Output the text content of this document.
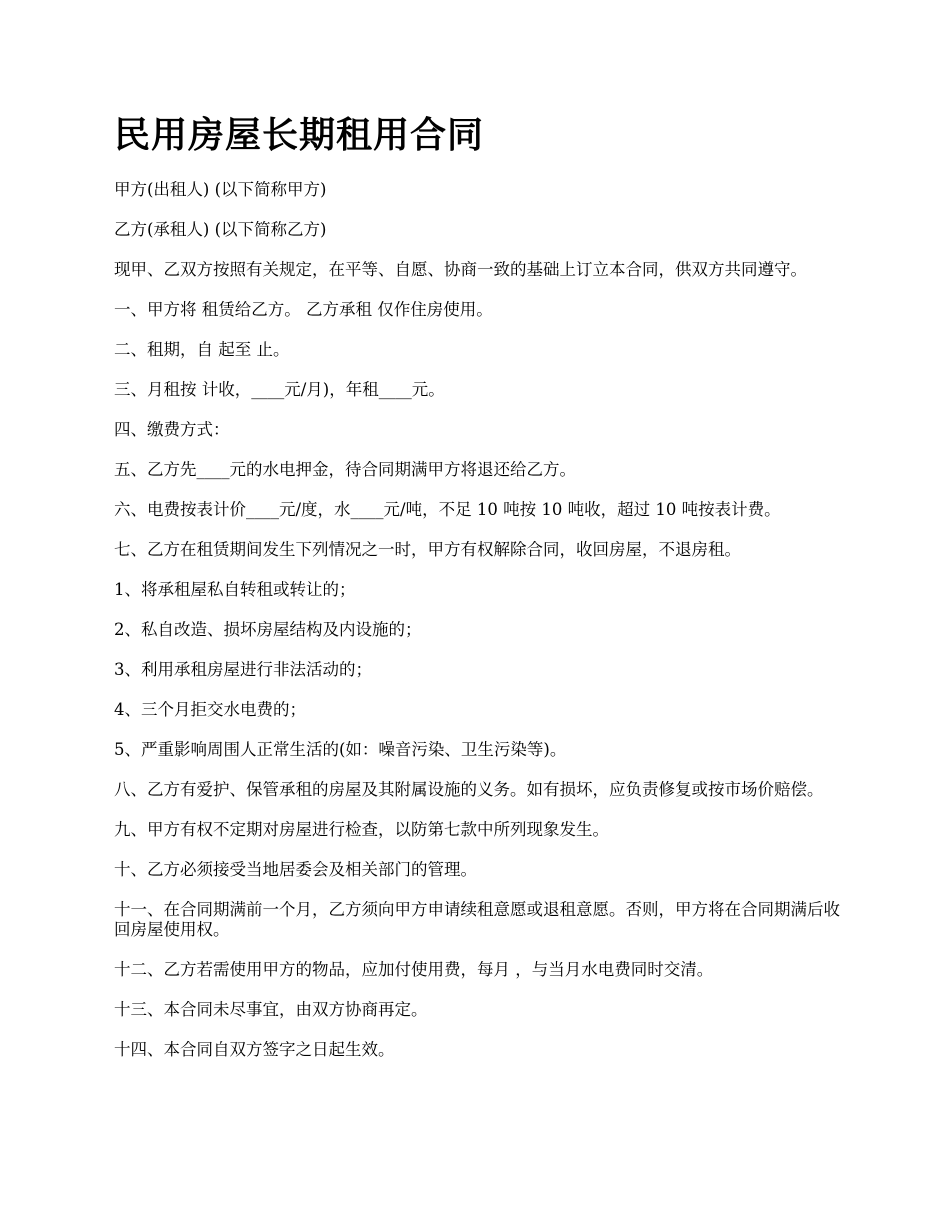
民用房屋长期租用合同

甲方(出租人) (以下简称甲方)

乙方(承租人) (以下简称乙方)

现甲、乙双方按照有关规定，在平等、自愿、协商一致的基础上订立本合同，供双方共同遵守。

一、甲方将 租赁给乙方。 乙方承租 仅作住房使用。

二、租期，自 起至 止。

三、月租按 计收，____元/月)，年租____元。

四、缴费方式：

五、乙方先____元的水电押金，待合同期满甲方将退还给乙方。

六、电费按表计价____元/度，水____元/吨，不足 10 吨按 10 吨收，超过 10 吨按表计费。

七、乙方在租赁期间发生下列情况之一时，甲方有权解除合同，收回房屋，不退房租。

1、将承租屋私自转租或转让的；

2、私自改造、损坏房屋结构及内设施的；

3、利用承租房屋进行非法活动的；

4、三个月拒交水电费的；

5、严重影响周围人正常生活的(如：噪音污染、卫生污染等)。

八、乙方有爱护、保管承租的房屋及其附属设施的义务。如有损坏，应负责修复或按市场价赔偿。

九、甲方有权不定期对房屋进行检查，以防第七款中所列现象发生。

十、乙方必须接受当地居委会及相关部门的管理。

十一、在合同期满前一个月，乙方须向甲方申请续租意愿或退租意愿。否则，甲方将在合同期满后收回房屋使用权。

十二、乙方若需使用甲方的物品，应加付使用费，每月 ，与当月水电费同时交清。

十三、本合同未尽事宜，由双方协商再定。

十四、本合同自双方签字之日起生效。
